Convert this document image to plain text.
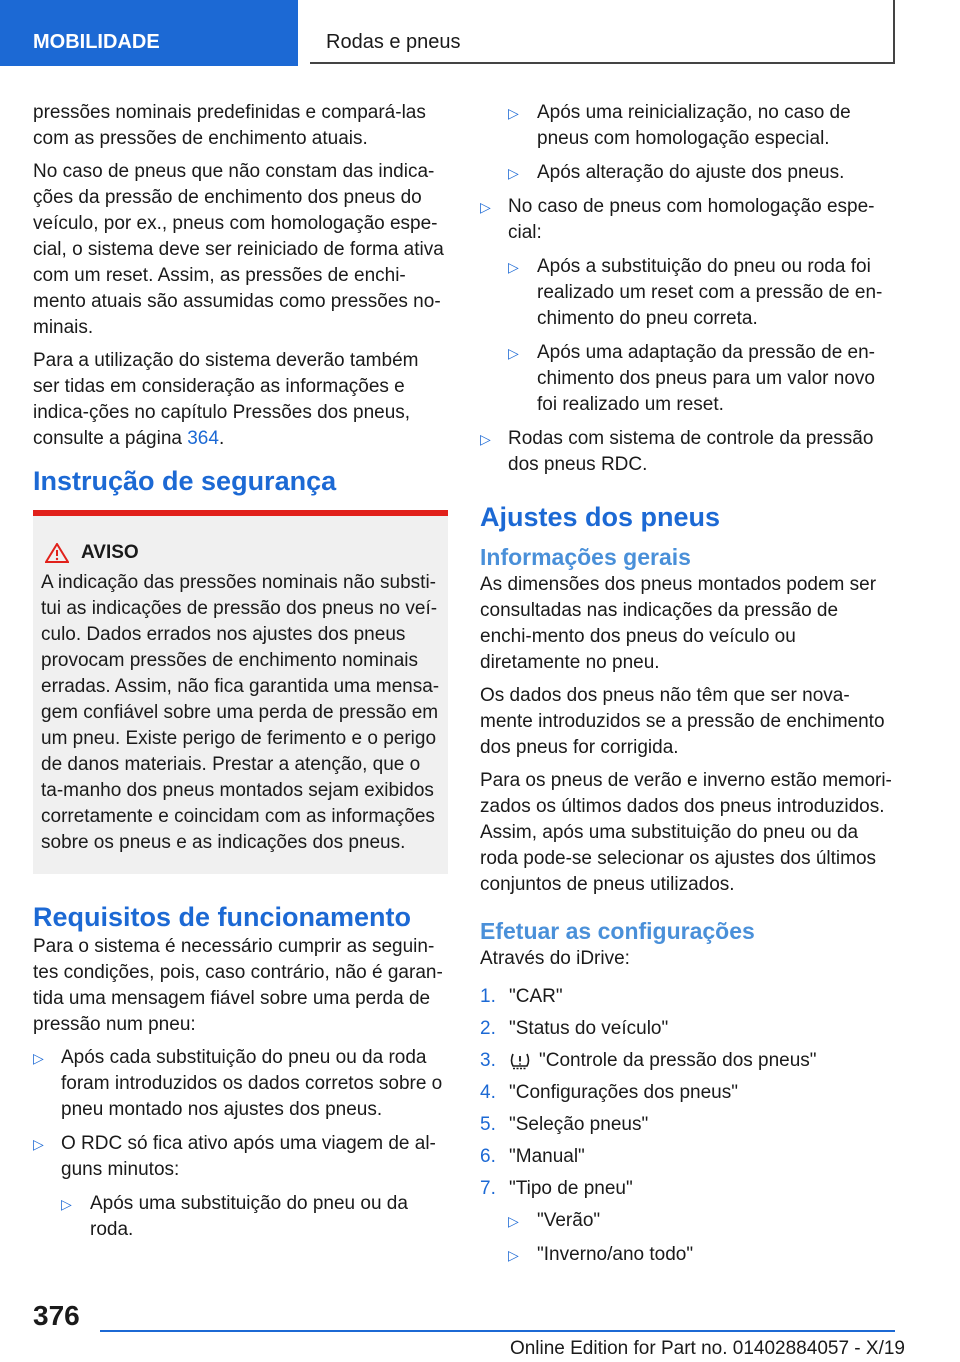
MOBILIDADE	Rodas e pneus

pressões nominais predefinidas e compará-las com as pressões de enchimento atuais.

No caso de pneus que não constam das indica-ções da pressão de enchimento dos pneus do veículo, por ex., pneus com homologação espe-cial, o sistema deve ser reiniciado de forma ativa com um reset. Assim, as pressões de enchi-mento atuais são assumidas como pressões no-minais.

Para a utilização do sistema deverão também ser tidas em consideração as informações e indica-ções no capítulo Pressões dos pneus, consulte a página 364.

Instrução de segurança
AVISO

A indicação das pressões nominais não substi-tui as indicações de pressão dos pneus no veí-culo. Dados errados nos ajustes dos pneus provocam pressões de enchimento nominais erradas. Assim, não fica garantida uma mensa-gem confiável sobre uma perda de pressão em um pneu. Existe perigo de ferimento e o perigo de danos materiais. Prestar a atenção, que o ta-manho dos pneus montados sejam exibidos corretamente e coincidam com as informações sobre os pneus e as indicações dos pneus.

Requisitos de funcionamento

Para o sistema é necessário cumprir as seguin-tes condições, pois, caso contrário, não é garan-tida uma mensagem fiável sobre uma perda de pressão num pneu:

▷ Após cada substituição do pneu ou da roda foram introduzidos os dados corretos sobre o pneu montado nos ajustes dos pneus.
▷ O RDC só fica ativo após uma viagem de al-guns minutos:
▷ Após uma substituição do pneu ou da roda.
▷ Após uma reinicialização, no caso de pneus com homologação especial.
▷ Após alteração do ajuste dos pneus.
▷ No caso de pneus com homologação espe-cial:
▷ Após a substituição do pneu ou roda foi realizado um reset com a pressão de en-chimento do pneu correta.
▷ Após uma adaptação da pressão de en-chimento dos pneus para um valor novo foi realizado um reset.
▷ Rodas com sistema de controle da pressão dos pneus RDC.
Ajustes dos pneus
Informações gerais

As dimensões dos pneus montados podem ser consultadas nas indicações da pressão de enchi-mento dos pneus do veículo ou diretamente no pneu.

Os dados dos pneus não têm que ser nova-mente introduzidos se a pressão de enchimento dos pneus for corrigida.

Para os pneus de verão e inverno estão memori-zados os últimos dados dos pneus introduzidos. Assim, após uma substituição do pneu ou da roda pode-se selecionar os ajustes dos últimos conjuntos de pneus utilizados.

Efetuar as configurações

Através do iDrive:

1. "CAR"
2. "Status do veículo"
3. "Controle da pressão dos pneus"
4. "Configurações dos pneus"
5. "Seleção pneus"
6. "Manual"
7. "Tipo de pneu"
▷ "Verão"
▷ "Inverno/ano todo"
376
Online Edition for Part no. 01402884057 - X/19
